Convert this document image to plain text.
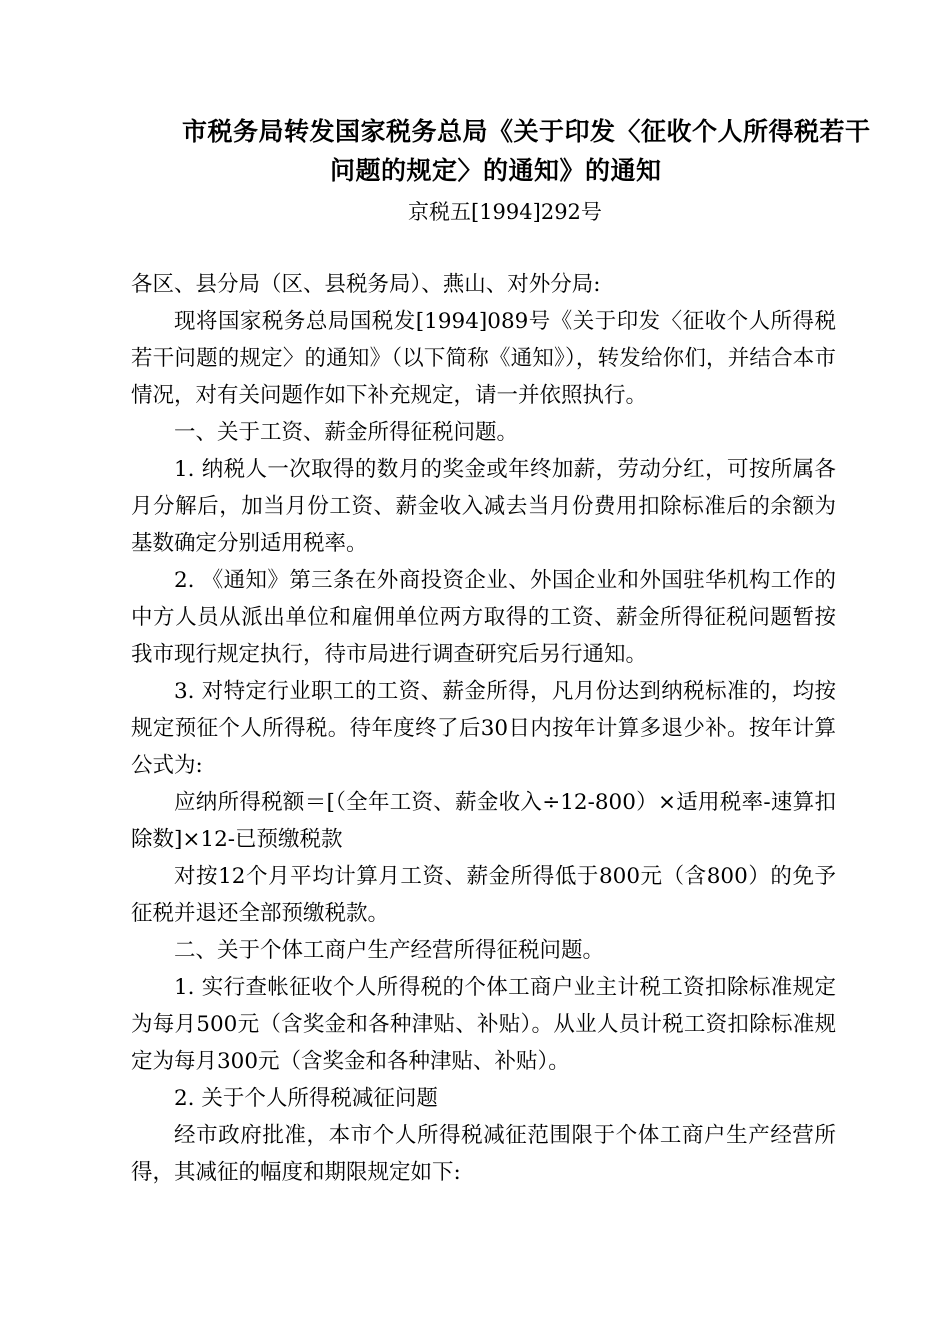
市税务局转发国家税务总局《关于印发〈征收个人所得税若干
问题的规定〉的通知》的通知
京税五[1994]292号

各区、县分局（区、县税务局）、燕山、对外分局:

现将国家税务总局国税发[1994]089号《关于印发〈征收个人所得税若干问题的规定〉的通知》（以下简称《通知》），转发给你们，并结合本市情况，对有关问题作如下补充规定，请一并依照执行。

一、关于工资、薪金所得征税问题。

1. 纳税人一次取得的数月的奖金或年终加薪，劳动分红，可按所属各月分解后，加当月份工资、薪金收入减去当月份费用扣除标准后的余额为基数确定分别适用税率。

2. 《通知》第三条在外商投资企业、外国企业和外国驻华机构工作的中方人员从派出单位和雇佣单位两方取得的工资、薪金所得征税问题暂按我市现行规定执行，待市局进行调查研究后另行通知。

3. 对特定行业职工的工资、薪金所得，凡月份达到纳税标准的，均按规定预征个人所得税。待年度终了后30日内按年计算多退少补。按年计算公式为:

应纳所得税额＝[（全年工资、薪金收入÷12-800）×适用税率-速算扣除数]×12-已预缴税款

对按12个月平均计算月工资、薪金所得低于800元（含800）的免予征税并退还全部预缴税款。

二、关于个体工商户生产经营所得征税问题。

1. 实行查帐征收个人所得税的个体工商户业主计税工资扣除标准规定为每月500元（含奖金和各种津贴、补贴）。从业人员计税工资扣除标准规定为每月300元（含奖金和各种津贴、补贴）。

2. 关于个人所得税减征问题

经市政府批准，本市个人所得税减征范围限于个体工商户生产经营所得，其减征的幅度和期限规定如下:
